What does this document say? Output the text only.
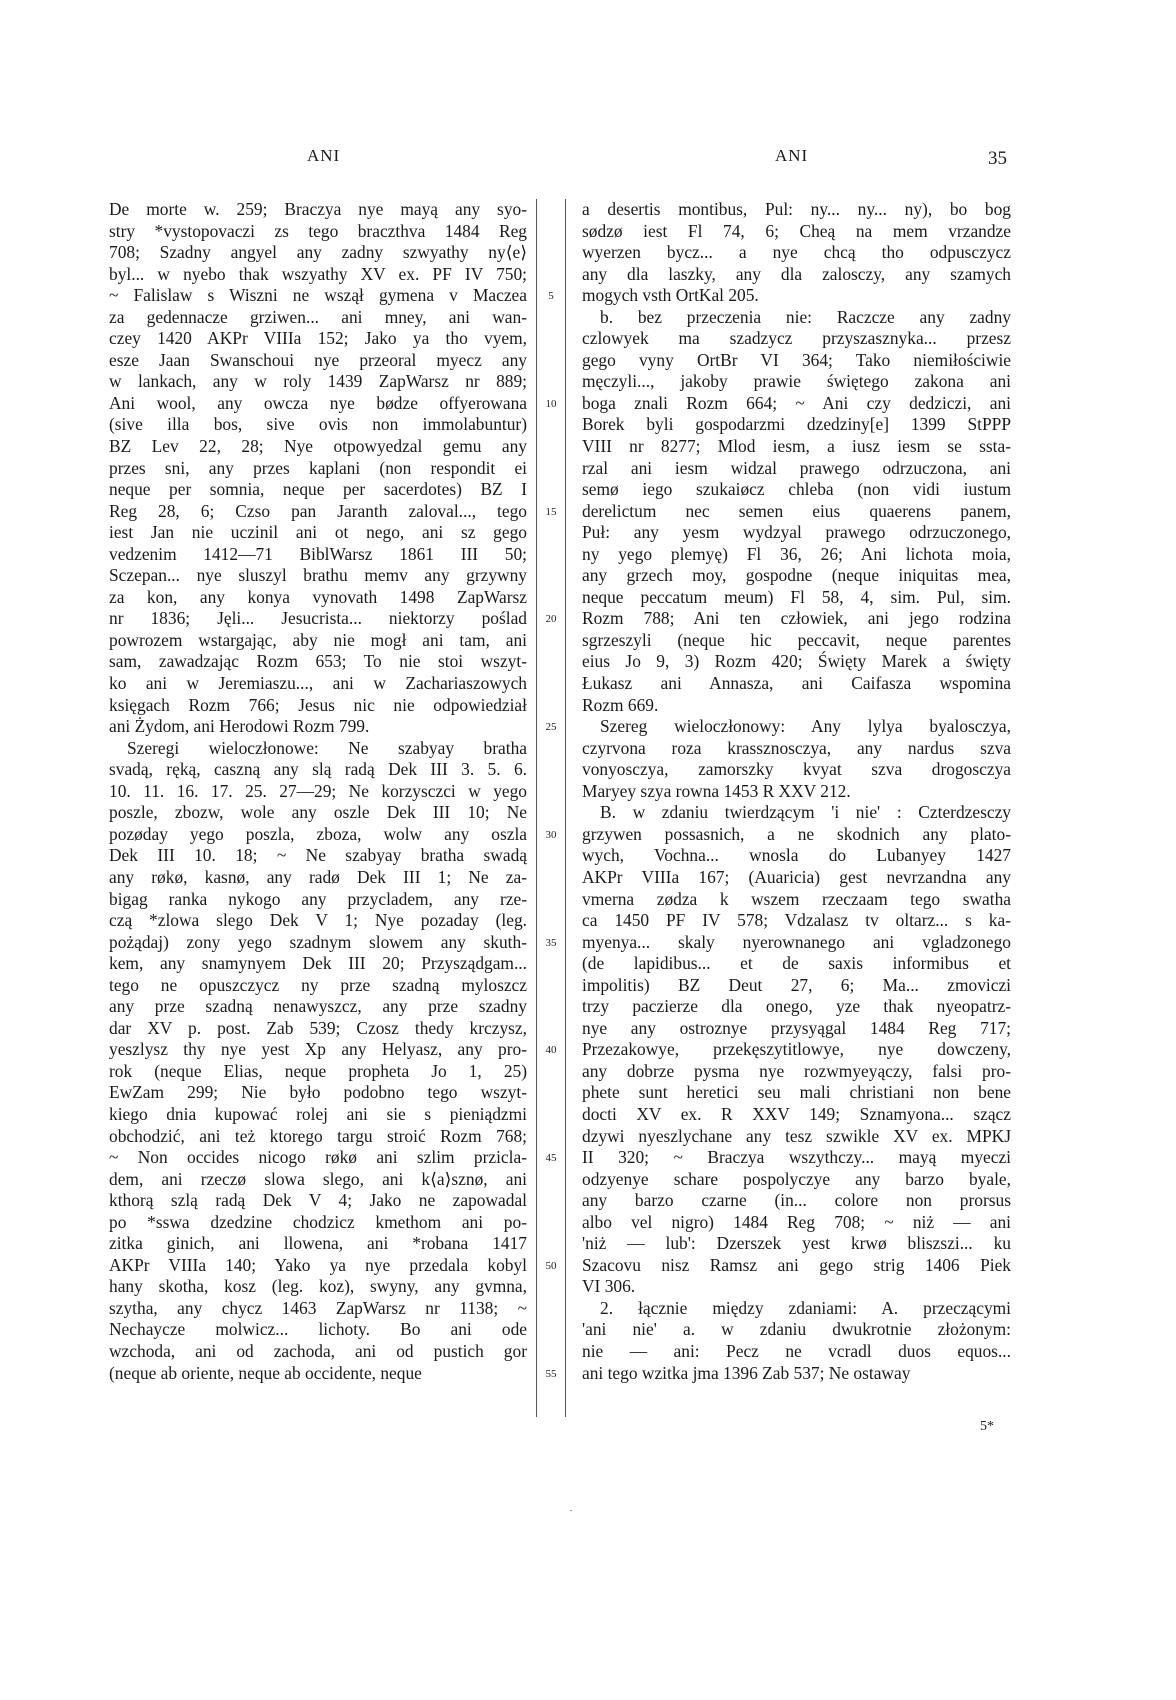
ANI	ANI	35
De morte w. 259; Braczya nye mayą any syo-
stry *vystopovaczi zs tego braczthva 1484 Reg
708; Szadny angyel any zadny szwyathy ny⟨e⟩
byl... w nyebo thak wszyathy XV ex. PF IV 750;
~ Falislaw s Wiszni ne wszął gymena v Maczea
za gedennacze grziwen... ani mney, ani wan-
czey 1420 AKPr VIIIa 152; Jako ya tho vyem,
esze Jaan Swanschoui nye przeoral myecz any
w lankach, any w roly 1439 ZapWarsz nr 889;
Ani wool, any owcza nye bødze offyerowana
(sive illa bos, sive ovis non immolabuntur)
BZ Lev 22, 28; Nye otpowyedzal gemu any
przes sni, any przes kaplani (non respondit ei
neque per somnia, neque per sacerdotes) BZ I
Reg 28, 6; Czso pan Jaranth zaloval..., tego
iest Jan nie uczinil ani ot nego, ani sz gego
vedzenim 1412—71 BiblWarsz 1861 III 50;
Sczepan... nye sluszyl brathu memv any grzywny
za kon, any konya vynovath 1498 ZapWarsz
nr 1836; Jęli... Jesucrista... niektorzy poślad
powrozem wstargając, aby nie mogł ani tam, ani
sam, zawadzając Rozm 653; To nie stoi wszyt-
ko ani w Jeremiaszu..., ani w Zachariaszowych
księgach Rozm 766; Jesus nic nie odpowiedział
ani Żydom, ani Herodowi Rozm 799.
Szeregi wieloczłonowe: Ne szabyay bratha
svadą, ręką, caszną any slą radą Dek III 3. 5. 6.
10. 11. 16. 17. 25. 27—29; Ne korzysczci w yego
poszle, zbozw, wole any oszle Dek III 10; Ne
pozøday yego poszla, zboza, wolw any oszla
Dek III 10. 18; ~ Ne szabyay bratha swadą
any røkø, kasnø, any radø Dek III 1; Ne za-
bigag ranka nykogo any przycladem, any rze-
czą *zlowa slego Dek V 1; Nye pozaday (leg.
pożądaj) zony yego szadnym slowem any skuth-
kem, any snamynyem Dek III 20; Przysządgam...
tego ne opuszczycz ny prze szadną myloszcz
any prze szadną nenawyszcz, any prze szadny
dar XV p. post. Zab 539; Czosz thedy krczysz,
yeszlysz thy nye yest Xp any Helyasz, any pro-
rok (neque Elias, neque propheta Jo 1, 25)
EwZam 299; Nie było podobno tego wszyt-
kiego dnia kupować rolej ani sie s pieniądzmi
obchodzić, ani też ktorego targu stroić Rozm 768;
~ Non occides nicogo røkø ani szlim przicla-
dem, ani rzeczø slowa slego, ani k⟨a⟩sznø, ani
kthorą szlą radą Dek V 4; Jako ne zapowadal
po *sswa dzedzine chodzicz kmethom ani po-
zitka ginich, ani llowena, ani *robana 1417
AKPr VIIIa 140; Yako ya nye przedala kobyl
hany skotha, kosz (leg. koz), swyny, any gvmna,
szytha, any chycz 1463 ZapWarsz nr 1138; ~
Nechaycze molwicz... lichoty. Bo ani ode
wzchoda, ani od zachoda, ani od pustich gor
(neque ab oriente, neque ab occidente, neque
5
10
15
20
25
30
35
40
45
50
55
a desertis montibus, Pul: ny... ny... ny), bo bog
sødzø iest Fl 74, 6; Cheą na mem vrzandze
wyerzen bycz... a nye chcą tho odpusczycz
any dla laszky, any dla zalosczy, any szamych
mogych vsth OrtKal 205.
b. bez przeczenia nie: Raczcze any zadny
czlowyek ma szadzycz przyszasznyka... przesz
gego vyny OrtBr VI 364; Tako niemiłościwie
męczyli..., jakoby prawie świętego zakona ani
boga znali Rozm 664; ~ Ani czy dedziczi, ani
Borek byli gospodarzmi dzedziny[e] 1399 StPPP
VIII nr 8277; Mlod iesm, a iusz iesm se ssta-
rzal ani iesm widzal prawego odrzuczona, ani
semø iego szukaiøcz chleba (non vidi iustum
derelictum nec semen eius quaerens panem,
Puł: any yesm wydzyal prawego odrzuczonego,
ny yego plemyę) Fl 36, 26; Ani lichota moia,
any grzech moy, gospodne (neque iniquitas mea,
neque peccatum meum) Fl 58, 4, sim. Pul, sim.
Rozm 788; Ani ten człowiek, ani jego rodzina
sgrzeszyli (neque hic peccavit, neque parentes
eius Jo 9, 3) Rozm 420; Święty Marek a święty
Łukasz ani Annasza, ani Caifasza wspomina
Rozm 669.
Szereg wieloczłonowy: Any lylya byalosczya,
czyrvona roza krassznosczya, any nardus szva
vonyosczya, zamorszky kvyat szva drogosczya
Maryey szya rowna 1453 R XXV 212.
B. w zdaniu twierdzącym 'i nie' : Czterdzesczy
grzywen possasnich, a ne skodnich any plato-
wych, Vochna... wnosla do Lubanyey 1427
AKPr VIIIa 167; (Auaricia) gest nevrzandna any
vmerna zødza k wszem rzeczaam tego swatha
ca 1450 PF IV 578; Vdzalasz tv oltarz... s ka-
myenya... skaly nyerownanego ani vgladzonego
(de lapidibus... et de saxis informibus et
impolitis) BZ Deut 27, 6; Ma... zmoviczi
trzy paczierze dla onego, yze thak nyeopatrz-
nye any ostroznye przysyągal 1484 Reg 717;
Przezakowye, przekęszytitlowye, nye dowczeny,
any dobrze pysma nye rozwmyeyączy, falsi pro-
phete sunt heretici seu mali christiani non bene
docti XV ex. R XXV 149; Sznamyona... szącz
dzywi nyeszlychane any tesz szwikle XV ex. MPKJ
II 320; ~ Braczya wszythczy... mayą myeczi
odzyenye schare pospolyczye any barzo byale,
any barzo czarne (in... colore non prorsus
albo vel nigro) 1484 Reg 708; ~ niż — ani
'niż — lub': Dzerszek yest krwø bliszszi... ku
Szacovu nisz Ramsz ani gego strig 1406 Piek
VI 306.
2. łącznie między zdaniami: A. przeczącymi
'ani nie' a. w zdaniu dwukrotnie złożonym:
nie — ani: Pecz ne vcradl duos equos...
ani tego wzitka jma 1396 Zab 537; Ne ostaway
5*
